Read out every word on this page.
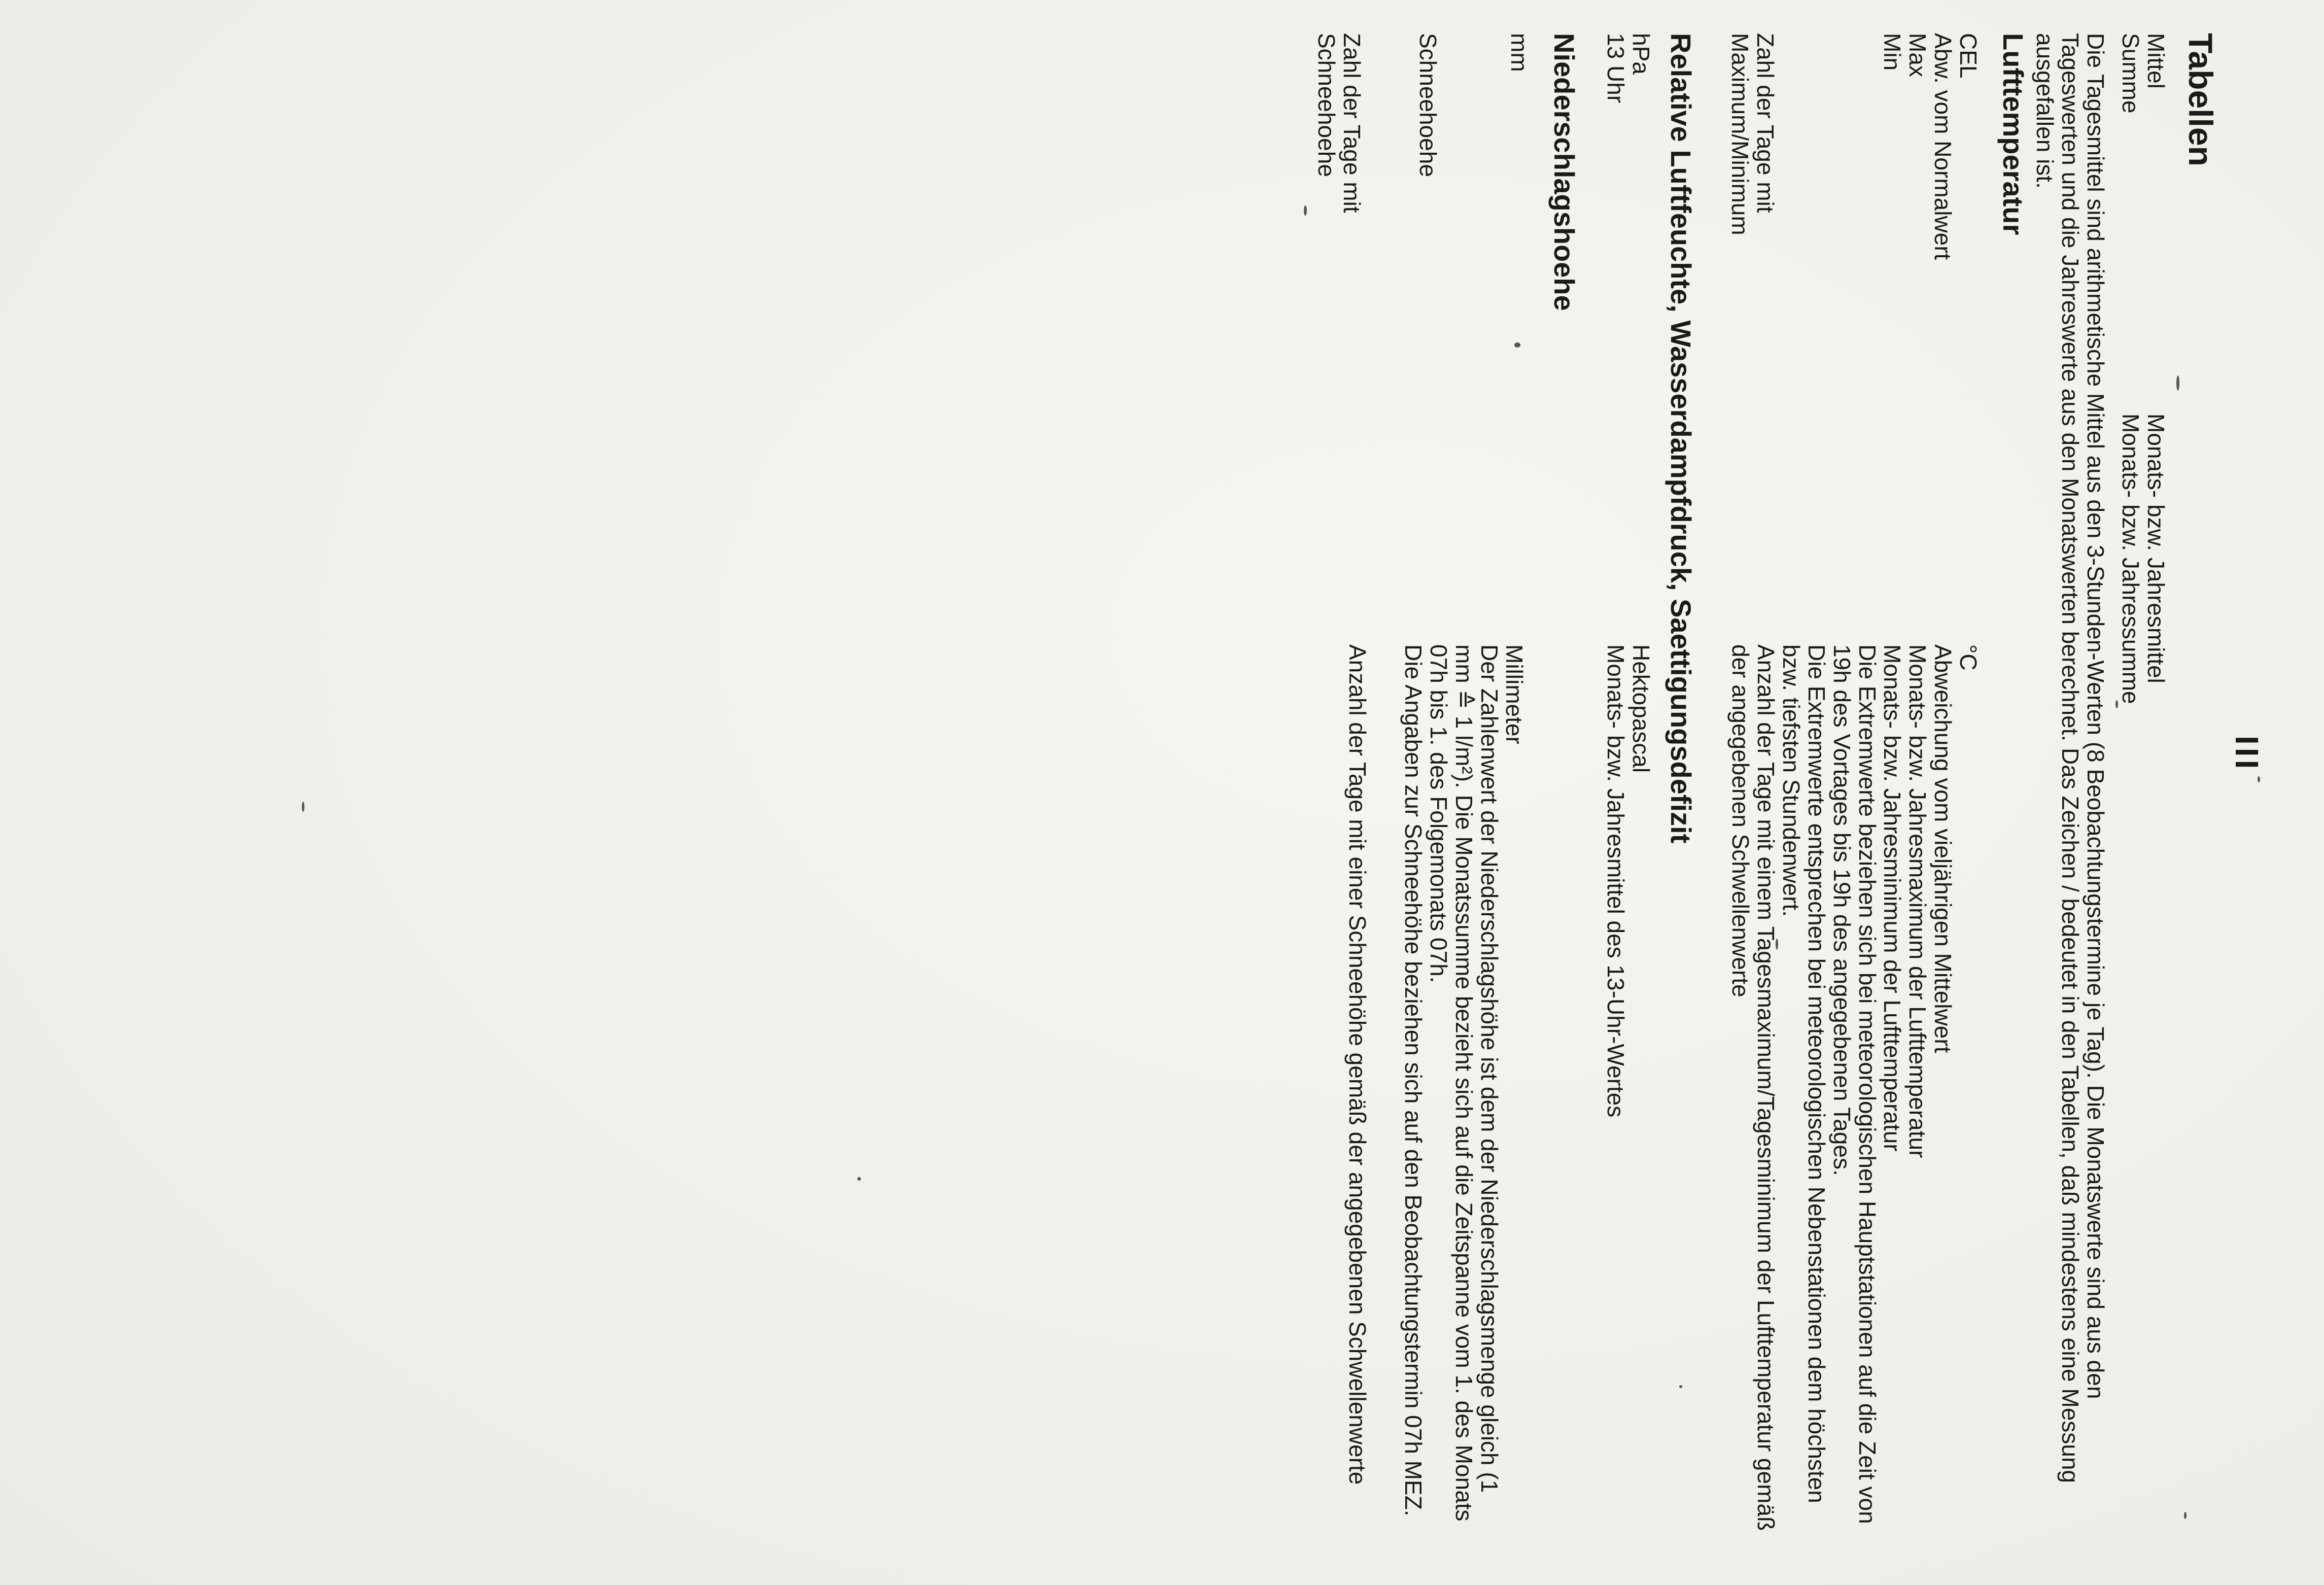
III
Tabellen
Mittel
Monats- bzw. Jahresmittel
Summe
Monats- bzw. Jahressumme
Die Tagesmittel sind arithmetische Mittel aus den 3-Stunden-Werten (8 Beobachtungstermine je Tag). Die Monatswerte sind aus den Tageswerten und die Jahreswerte aus den Monatswerten berechnet. Das Zeichen / bedeutet in den Tabellen, daß mindestens eine Messung ausgefallen ist.
Lufttemperatur
CEL
°C
Abw. vom Normalwert
Abweichung vom vieljährigen Mittelwert
Max
Monats- bzw. Jahresmaximum der Lufttemperatur
Min
Monats- bzw. Jahresminimum der Lufttemperatur
Die Extremwerte beziehen sich bei meteorologischen Hauptstationen auf die Zeit von 19h des Vortages bis 19h des angegebenen Tages.
Die Extremwerte entsprechen bei meteorologischen Nebenstationen dem höchsten bzw. tiefsten Stundenwert.
Zahl der Tage mit
Maximum/Minimum
Anzahl der Tage mit einem Tagesmaximum/Tagesminimum der Lufttemperatur gemäß der angegebenen Schwellenwerte
Relative Luftfeuchte, Wasserdampfdruck, Saettigungsdefizit
hPa
Hektopascal
13 Uhr
Monats- bzw. Jahresmittel des 13-Uhr-Wertes
Niederschlagshoehe
mm
Millimeter
Der Zahlenwert der Niederschlagshöhe ist dem der Niederschlagsmenge gleich (1 mm ≙ 1 l/m²). Die Monatssumme bezieht sich auf die Zeitspanne vom 1. des Monats 07h bis 1. des Folgemonats 07h.
Schneehoehe
Die Angaben zur Schneehöhe beziehen sich auf den Beobachtungstermin 07h MEZ.
Zahl der Tage mit
Schneehoehe
Anzahl der Tage mit einer Schneehöhe gemäß der angegebenen Schwellenwerte
